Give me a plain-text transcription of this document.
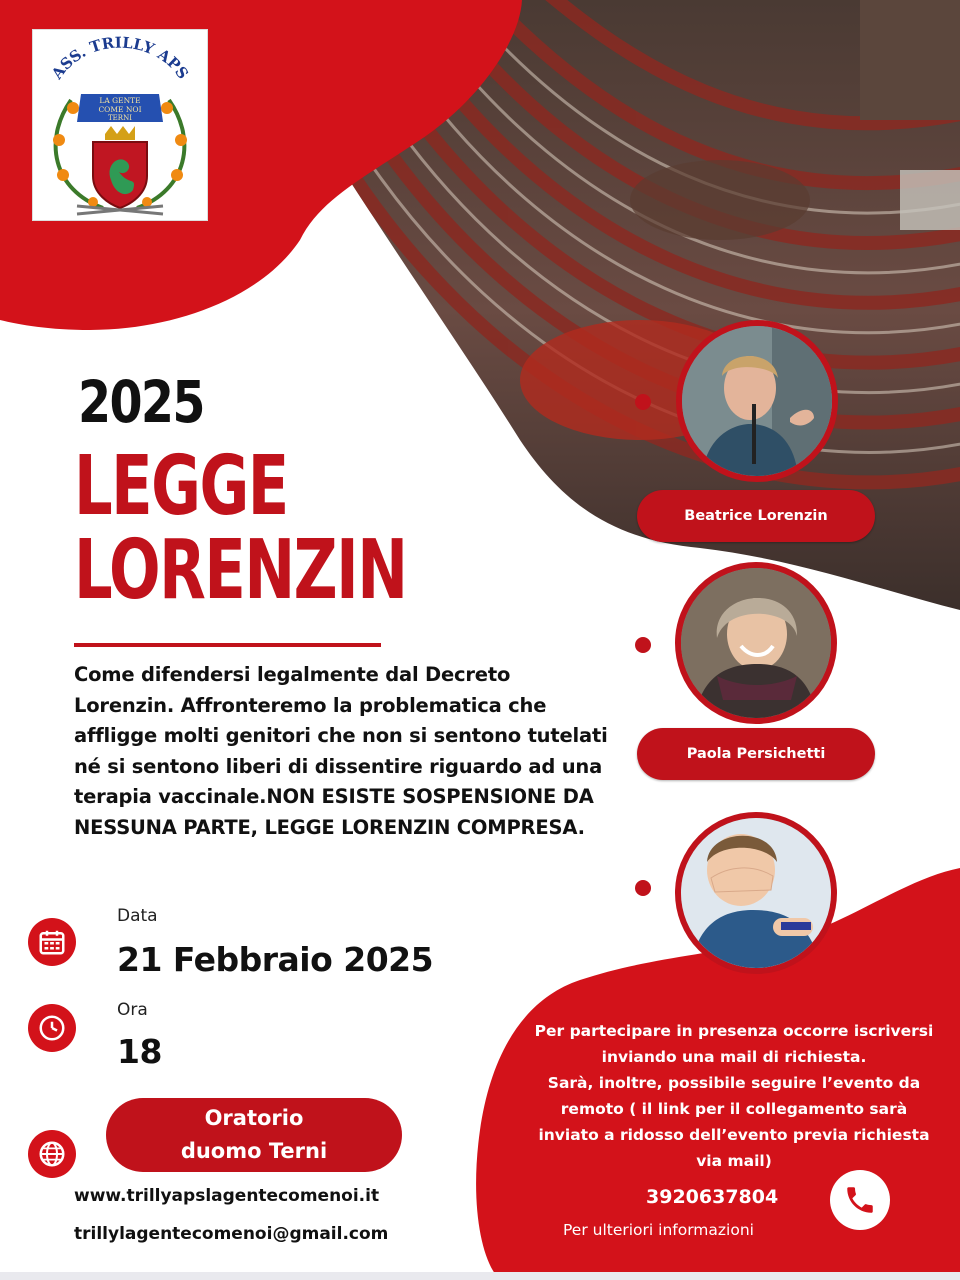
ASS. TRILLY APS
LA GENTE
COME NOI
TERNI
2025
LEGGE
LORENZIN
Come difendersi legalmente dal Decreto Lorenzin. Affronteremo la problematica che affligge molti genitori che non si sentono tutelati né si sentono liberi di dissentire riguardo ad una terapia vaccinale.NON ESISTE SOSPENSIONE DA NESSUNA PARTE, LEGGE LORENZIN COMPRESA.
Data
21 Febbraio 2025
Ora
18
Oratorio
duomo Terni
www.trillyapslagentecomenoi.it
trillylagentecomenoi@gmail.com
Beatrice Lorenzin
Paola Persichetti
Per partecipare in presenza occorre iscriversi
inviando una mail di richiesta.
Sarà, inoltre, possibile seguire l’evento da
remoto ( il link per il collegamento sarà
inviato a ridosso dell’evento previa richiesta
via mail)
3920637804
Per ulteriori informazioni
